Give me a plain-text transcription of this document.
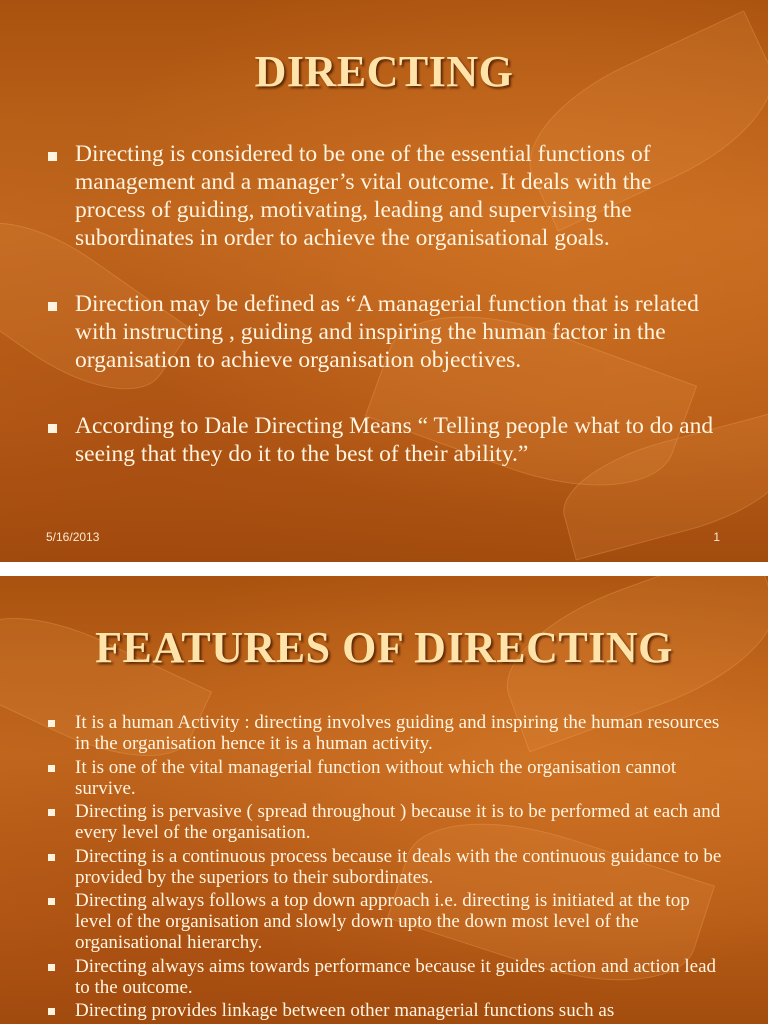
DIRECTING
Directing is considered to be one of the essential functions of management and a manager’s vital outcome. It deals with the process of guiding, motivating, leading and supervising the subordinates in order to achieve the organisational goals.
Direction may be defined as “A managerial function that is related with instructing , guiding and inspiring the human factor in the organisation to achieve organisation objectives.
According to Dale Directing Means “ Telling people what to do and seeing that they do it to the best of their ability.”
5/16/2013	1
FEATURES OF DIRECTING
It is a human Activity : directing involves guiding and inspiring the human resources in the organisation hence it is a human activity.
It is one of the vital managerial function without which the organisation cannot survive.
Directing is pervasive ( spread throughout ) because it is to be performed at each and every level of the organisation.
Directing is a continuous process because it deals with the continuous guidance to be provided by the superiors to their subordinates.
Directing always follows a top down approach i.e. directing is initiated at the top level of the organisation and slowly down upto the down most level of the organisational hierarchy.
Directing always aims towards performance because it guides action and action lead to the outcome.
Directing provides linkage between other managerial functions such as
